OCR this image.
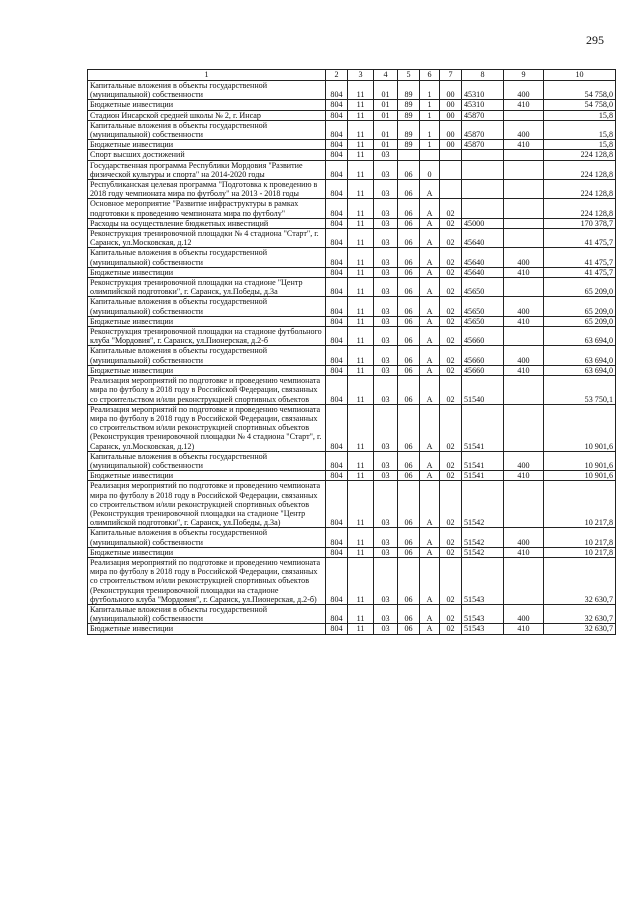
295
1	2	3	4	5	6	7	8	9	10
Капитальные вложения в объекты государственной (муниципальной) собственности	804	11	01	89	1	00	45310	400	54 758,0
Бюджетные инвестиции	804	11	01	89	1	00	45310	410	54 758,0
Стадион Инсарской средней школы № 2, г. Инсар	804	11	01	89	1	00	45870		15,8
Капитальные вложения в объекты государственной (муниципальной) собственности	804	11	01	89	1	00	45870	400	15,8
Бюджетные инвестиции	804	11	01	89	1	00	45870	410	15,8
Спорт высших достижений	804	11	03						224 128,8
Государственная программа Республики Мордовия "Развитие физической культуры и спорта" на 2014-2020 годы	804	11	03	06	0				224 128,8
Республиканская целевая программа "Подготовка к проведению в 2018 году чемпионата мира по футболу" на 2013 - 2018 годы	804	11	03	06	А				224 128,8
Основное мероприятие "Развитие инфраструктуры в рамках подготовки к проведению чемпионата мира по футболу"	804	11	03	06	А	02			224 128,8
Расходы на осуществление бюджетных инвестиций	804	11	03	06	А	02	45000		170 378,7
Реконструкция тренировочной площадки № 4 стадиона "Старт", г. Саранск, ул.Московская, д.12	804	11	03	06	А	02	45640		41 475,7
Капитальные вложения в объекты государственной (муниципальной) собственности	804	11	03	06	А	02	45640	400	41 475,7
Бюджетные инвестиции	804	11	03	06	А	02	45640	410	41 475,7
Реконструкция тренировочной площадки на стадионе "Центр олимпийской подготовки", г. Саранск, ул.Победы, д.3а	804	11	03	06	А	02	45650		65 209,0
Капитальные вложения в объекты государственной (муниципальной) собственности	804	11	03	06	А	02	45650	400	65 209,0
Бюджетные инвестиции	804	11	03	06	А	02	45650	410	65 209,0
Реконструкция тренировочной площадки на стадионе футбольного клуба "Мордовия", г. Саранск, ул.Пионерская, д.2-б	804	11	03	06	А	02	45660		63 694,0
Капитальные вложения в объекты государственной (муниципальной) собственности	804	11	03	06	А	02	45660	400	63 694,0
Бюджетные инвестиции	804	11	03	06	А	02	45660	410	63 694,0
Реализация мероприятий по подготовке и проведению чемпионата мира по футболу в 2018 году в Российской Федерации, связанных со строительством и/или реконструкцией спортивных объектов	804	11	03	06	А	02	51540		53 750,1
Реализация мероприятий по подготовке и проведению чемпионата мира по футболу в 2018 году в Российской Федерации, связанных со строительством и/или реконструкцией спортивных объектов (Реконструкция тренировочной площадки № 4 стадиона "Старт", г. Саранск, ул.Московская, д.12)	804	11	03	06	А	02	51541		10 901,6
Капитальные вложения в объекты государственной (муниципальной) собственности	804	11	03	06	А	02	51541	400	10 901,6
Бюджетные инвестиции	804	11	03	06	А	02	51541	410	10 901,6
Реализация мероприятий по подготовке и проведению чемпионата мира по футболу в 2018 году в Российской Федерации, связанных со строительством и/или реконструкцией спортивных объектов (Реконструкция тренировочной площадки на стадионе "Центр олимпийской подготовки", г. Саранск, ул.Победы, д.3а)	804	11	03	06	А	02	51542		10 217,8
Капитальные вложения в объекты государственной (муниципальной) собственности	804	11	03	06	А	02	51542	400	10 217,8
Бюджетные инвестиции	804	11	03	06	А	02	51542	410	10 217,8
Реализация мероприятий по подготовке и проведению чемпионата мира по футболу в 2018 году в Российской Федерации, связанных со строительством и/или реконструкцией спортивных объектов (Реконструкция тренировочной площадки на стадионе футбольного клуба "Мордовия", г. Саранск, ул.Пионерская, д.2-б)	804	11	03	06	А	02	51543		32 630,7
Капитальные вложения в объекты государственной (муниципальной) собственности	804	11	03	06	А	02	51543	400	32 630,7
Бюджетные инвестиции	804	11	03	06	А	02	51543	410	32 630,7
